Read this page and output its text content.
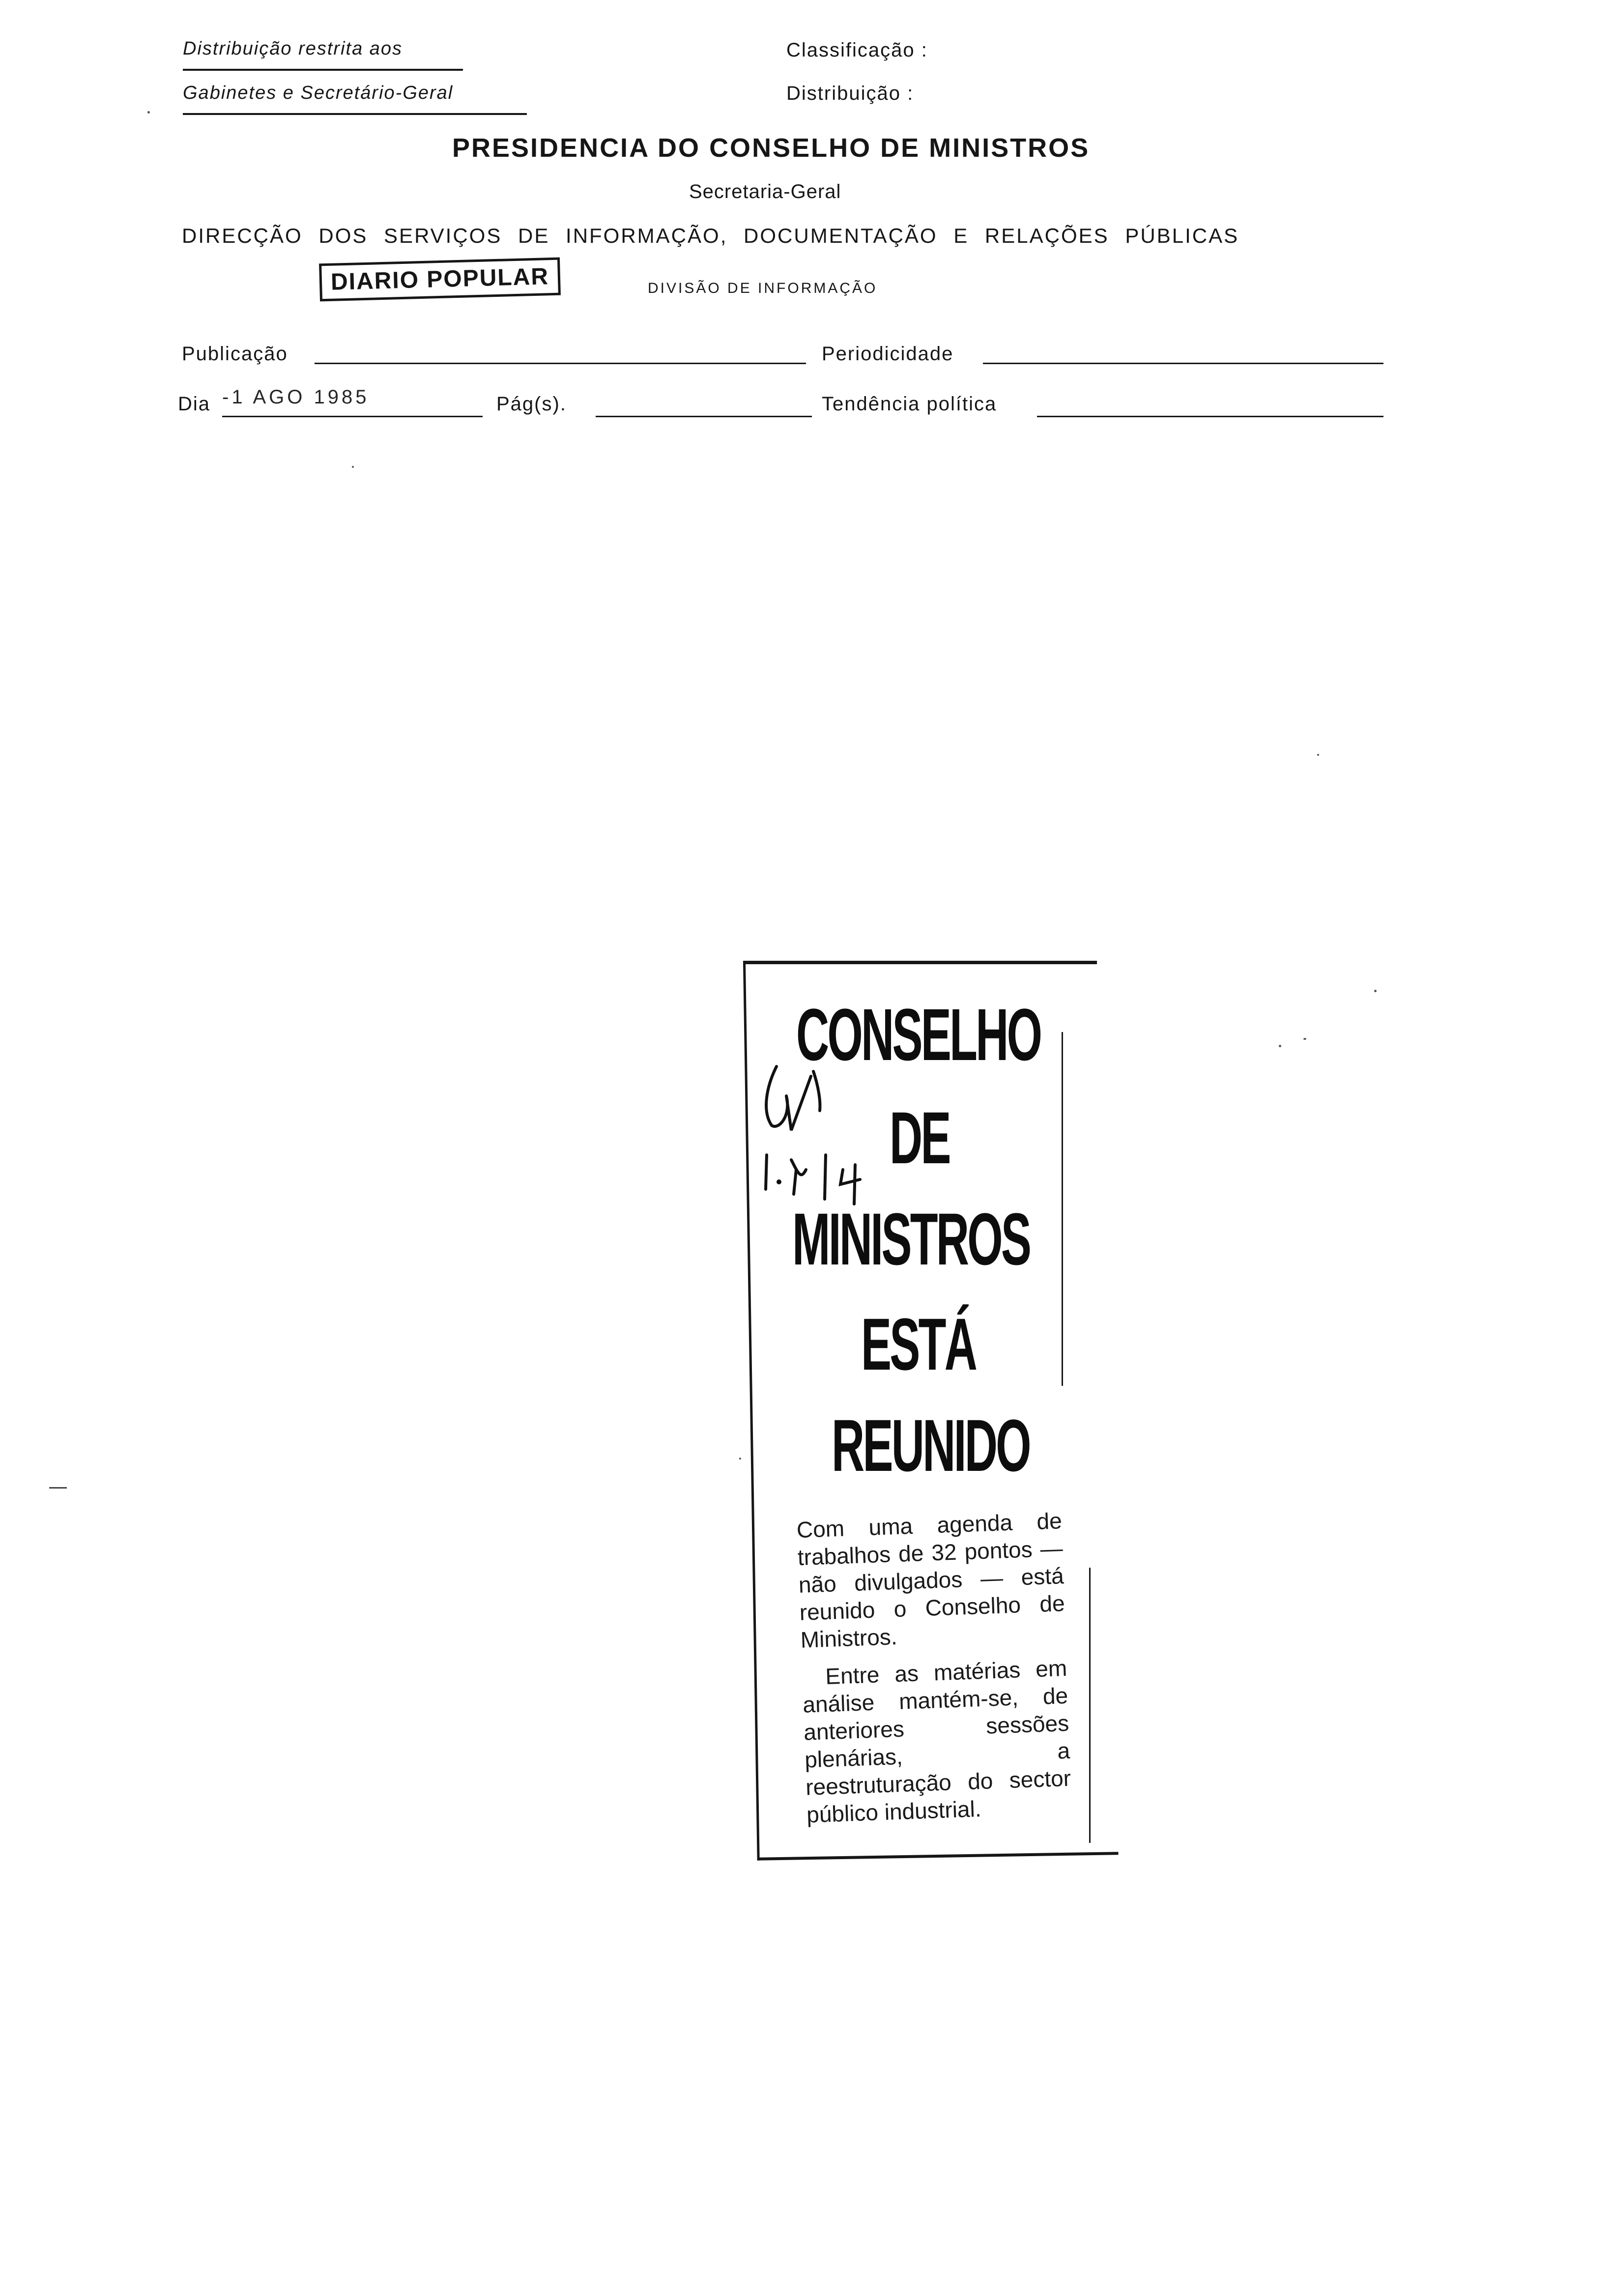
Distribuição restrita aos
Gabinetes e Secretário-Geral
Classificação :
Distribuição :
PRESIDENCIA DO CONSELHO DE MINISTROS
Secretaria-Geral
DIRECÇÃO DOS SERVIÇOS DE INFORMAÇÃO, DOCUMENTAÇÃO E RELAÇÕES PÚBLICAS
DIARIO POPULAR	DIVISÃO DE INFORMAÇÃO
Publicação	Periodicidade
Dia -1 AGO 1985	Pág(s).	Tendência política
CONSELHO
DE
MINISTROS
ESTÁ
REUNIDO

Com uma agenda de trabalhos de 32 pontos — não divulgados — está reunido o Conselho de Ministros.

Entre as matérias em análise mantém-se, de anteriores sessões plenárias, a reestruturação do sector público industrial.
